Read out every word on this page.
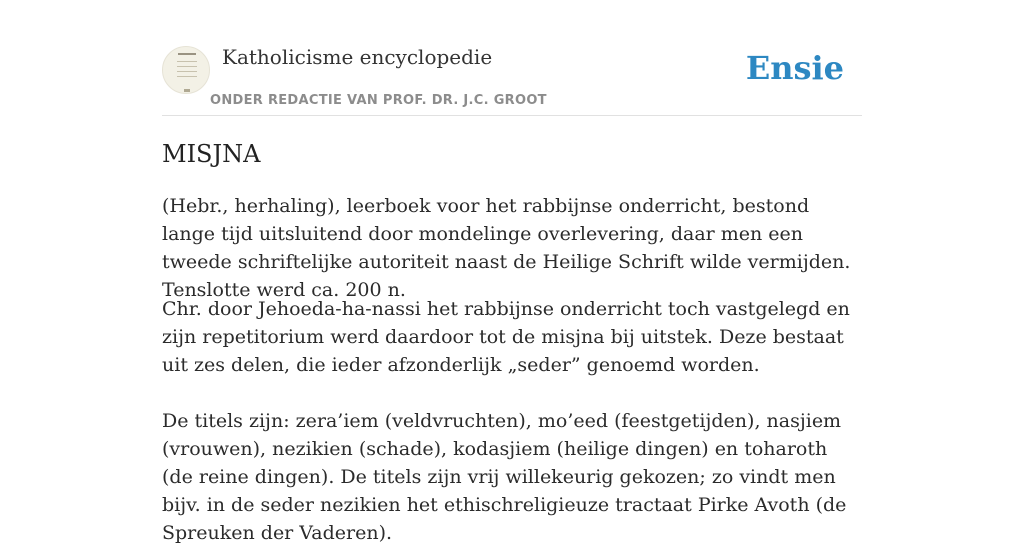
Katholicisme encyclopedie
ONDER REDACTIE VAN PROF. DR. J.C. GROOT
Ensie
MISJNA

(Hebr., herhaling), leerboek voor het rabbijnse onderricht, bestond lange tijd uitsluitend door mondelinge overlevering, daar men een tweede schriftelijke autoriteit naast de Heilige Schrift wilde vermijden. Tenslotte werd ca. 200 n.

Chr. door Jehoeda-ha-nassi het rabbijnse onderricht toch vastgelegd en zijn repetitorium werd daardoor tot de misjna bij uitstek. Deze bestaat uit zes delen, die ieder afzonderlijk „seder” genoemd worden.

De titels zijn: zera’iem (veldvruchten), mo’eed (feestgetijden), nasjiem (vrouwen), nezikien (schade), kodasjiem (heilige dingen) en toharoth (de reine dingen). De titels zijn vrij willekeurig gekozen; zo vindt men bijv. in de seder nezikien het ethischreligieuze tractaat Pirke Avoth (de Spreuken der Vaderen).
